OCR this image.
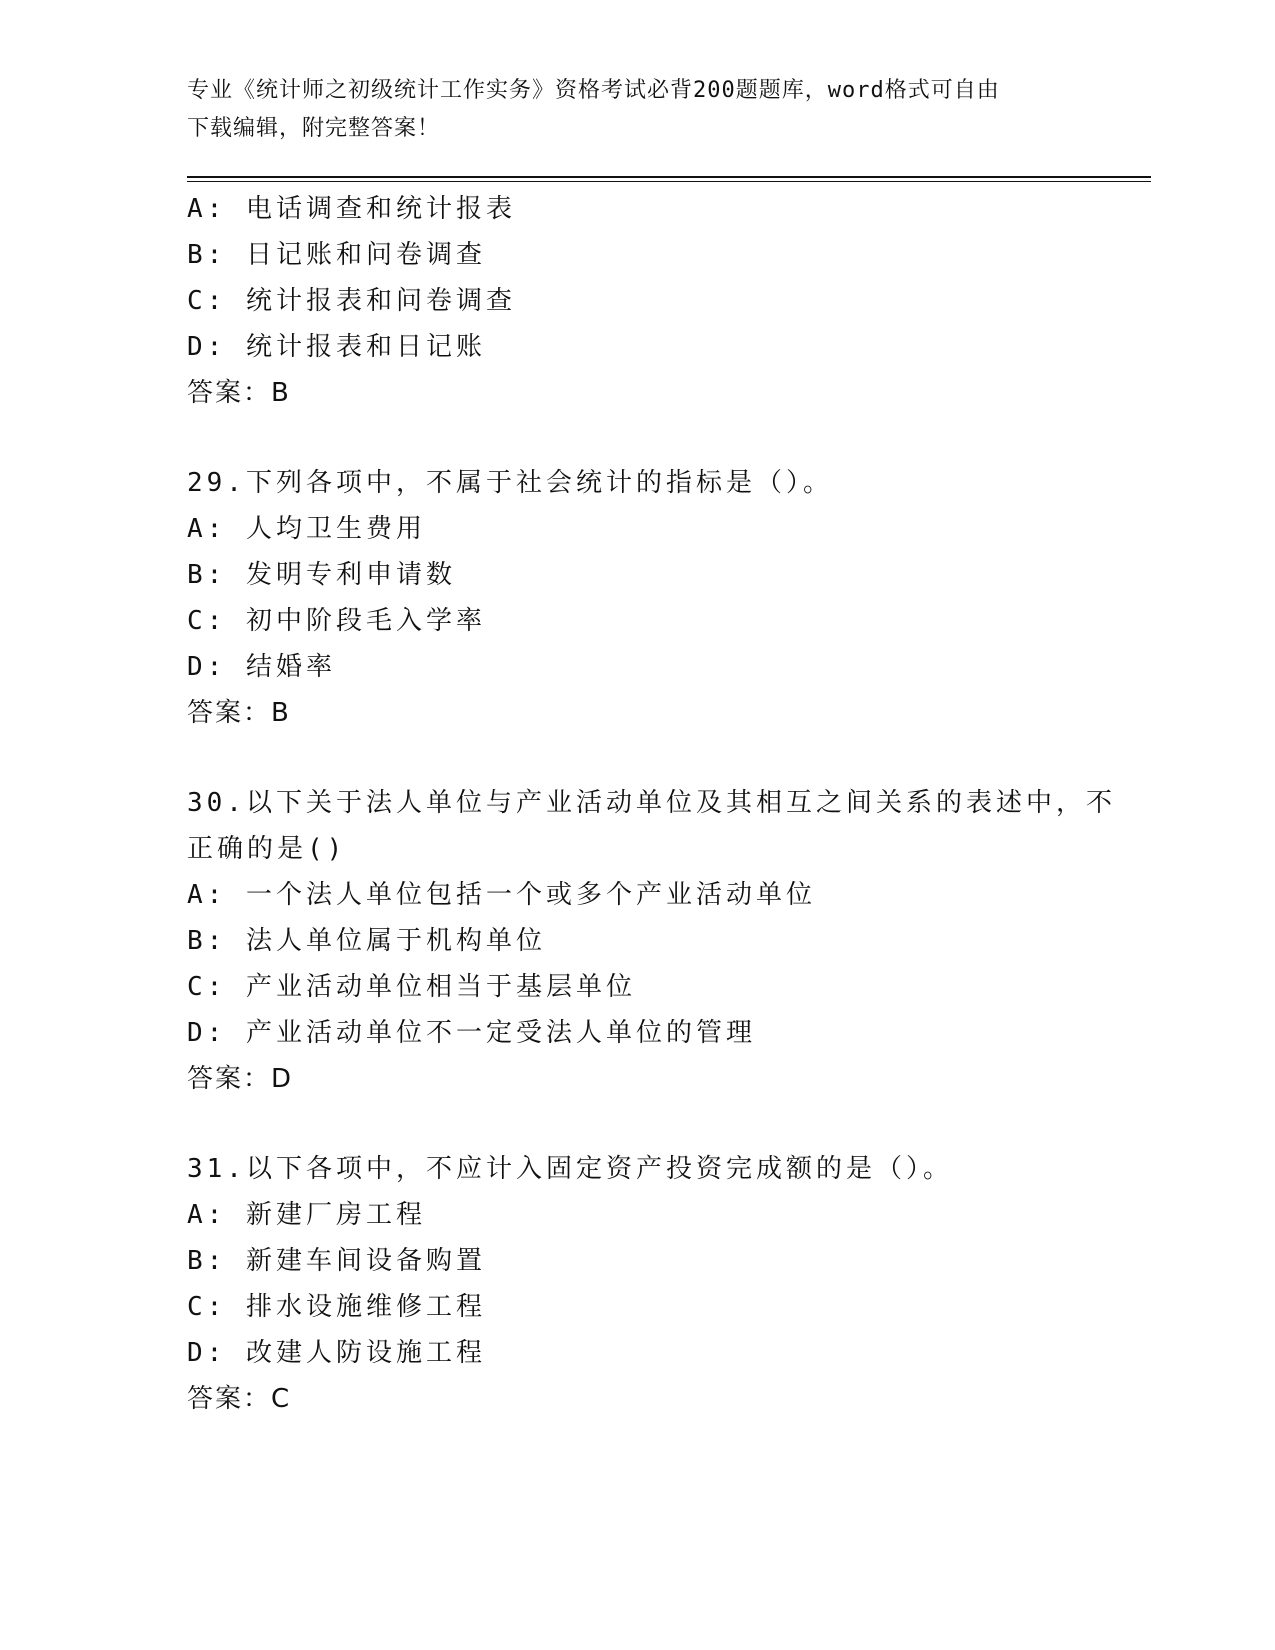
专业《统计师之初级统计工作实务》资格考试必背200题题库，word格式可自由
下载编辑，附完整答案！
A: 电话调查和统计报表
B: 日记账和问卷调查
C: 统计报表和问卷调查
D: 统计报表和日记账
答案：B
29.下列各项中，不属于社会统计的指标是（）。
A: 人均卫生费用
B: 发明专利申请数
C: 初中阶段毛入学率
D: 结婚率
答案：B
30.以下关于法人单位与产业活动单位及其相互之间关系的表述中，不
正确的是()
A: 一个法人单位包括一个或多个产业活动单位
B: 法人单位属于机构单位
C: 产业活动单位相当于基层单位
D: 产业活动单位不一定受法人单位的管理
答案：D
31.以下各项中，不应计入固定资产投资完成额的是（）。
A: 新建厂房工程
B: 新建车间设备购置
C: 排水设施维修工程
D: 改建人防设施工程
答案：C
